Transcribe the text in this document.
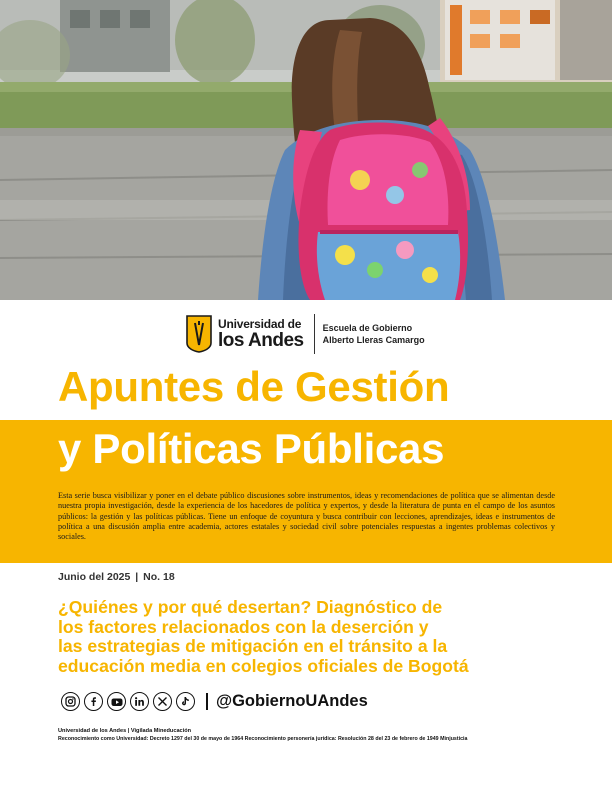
Universidad de
los Andes
Escuela de Gobierno
Alberto Lleras Camargo
Apuntes de Gestión
y Políticas Públicas
Esta serie busca visibilizar y poner en el debate público discusiones sobre instrumentos, ideas y recomendaciones de política que se alimentan desde nuestra propia investigación, desde la experiencia de los hacedores de política y expertos, y desde la literatura de punta en el campo de los asuntos públicos: la gestión y las políticas públicas. Tiene un enfoque de coyuntura y busca contribuir con lecciones, aprendizajes, ideas e instrumentos de política a una discusión amplia entre academia, actores estatales y sociedad civil sobre potenciales respuestas a ingentes problemas colectivos y sociales.
Junio del 2025 | No. 18
¿Quiénes y por qué desertan? Diagnóstico de
los factores relacionados con la deserción y
las estrategias de mitigación en el tránsito a la
educación media en colegios oficiales de Bogotá
@GobiernoUAndes
Universidad de los Andes | Vigilada Mineducación
Reconocimiento como Universidad: Decreto 1297 del 30 de mayo de 1964 Reconocimiento personería jurídica: Resolución 28 del 23 de febrero de 1949 Minjusticia
